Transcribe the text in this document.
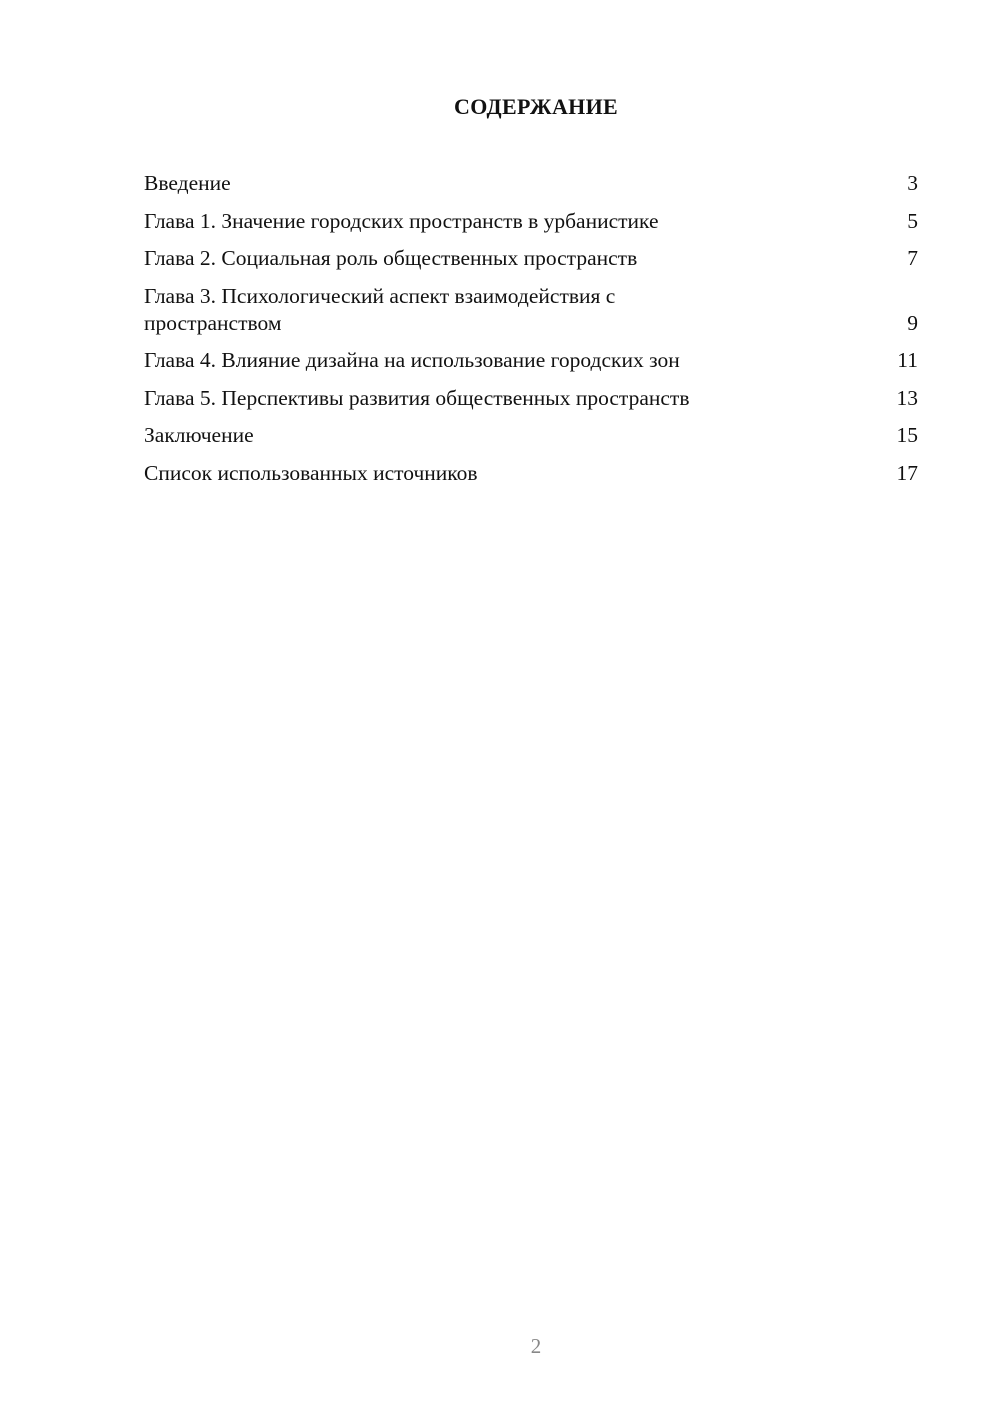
СОДЕРЖАНИЕ
Введение	3
Глава 1. Значение городских пространств в урбанистике	5
Глава 2. Социальная роль общественных пространств	7
Глава 3. Психологический аспект взаимодействия с пространством	9
Глава 4. Влияние дизайна на использование городских зон	11
Глава 5. Перспективы развития общественных пространств	13
Заключение	15
Список использованных источников	17
2
